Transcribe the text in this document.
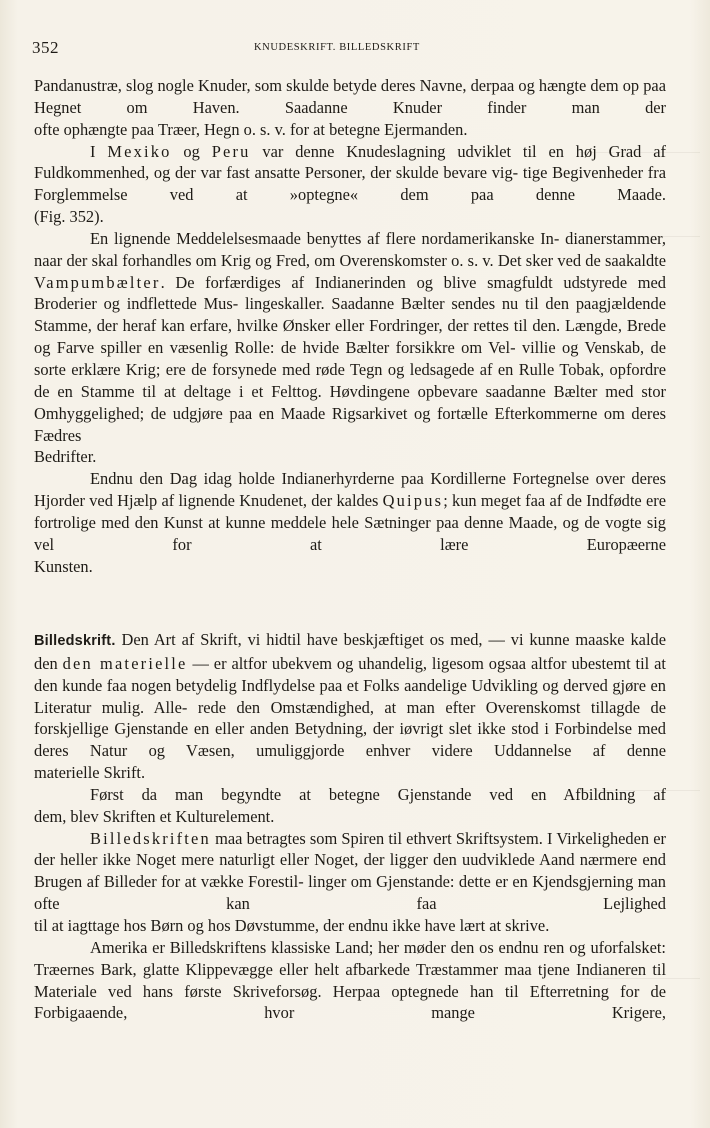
352	KNUDESKRIFT. BILLEDSKRIFT

Pandanustræ, slog nogle Knuder, som skulde betyde deres Navne, derpaa og hængte dem op paa Hegnet om Haven. Saadanne Knuder finder man der

ofte ophængte paa Træer, Hegn o. s. v. for at betegne Ejermanden.

I Mexiko og Peru var denne Knudeslagning udviklet til en høj Grad af Fuldkommenhed, og der var fast ansatte Personer, der skulde bevare vig- tige Begivenheder fra Forglemmelse ved at »optegne« dem paa denne Maade.

(Fig. 352).

En lignende Meddelelsesmaade benyttes af flere nordamerikanske In- dianerstammer, naar der skal forhandles om Krig og Fred, om Overenskomster o. s. v. Det sker ved de saakaldte Vampumbælter. De forfærdiges af Indianerinden og blive smagfuldt udstyrede med Broderier og indflettede Mus- lingeskaller. Saadanne Bælter sendes nu til den paagjældende Stamme, der heraf kan erfare, hvilke Ønsker eller Fordringer, der rettes til den. Længde, Brede og Farve spiller en væsenlig Rolle: de hvide Bælter forsikkre om Vel- villie og Venskab, de sorte erklære Krig; ere de forsynede med røde Tegn og ledsagede af en Rulle Tobak, opfordre de en Stamme til at deltage i et Felttog. Høvdingene opbevare saadanne Bælter med stor Omhyggelighed; de udgjøre paa en Maade Rigsarkivet og fortælle Efterkommerne om deres Fædres

Bedrifter.

Endnu den Dag idag holde Indianerhyrderne paa Kordillerne Fortegnelse over deres Hjorder ved Hjælp af lignende Knudenet, der kaldes Quipus; kun meget faa af de Indfødte ere fortrolige med den Kunst at kunne meddele hele Sætninger paa denne Maade, og de vogte sig vel for at lære Europæerne

Kunsten.

Billedskrift. Den Art af Skrift, vi hidtil have beskjæftiget os med, — vi kunne maaske kalde den den materielle — er altfor ubekvem og uhandelig, ligesom ogsaa altfor ubestemt til at den kunde faa nogen betydelig Indflydelse paa et Folks aandelige Udvikling og derved gjøre en Literatur mulig. Alle- rede den Omstændighed, at man efter Overenskomst tillagde de forskjellige Gjenstande en eller anden Betydning, der iøvrigt slet ikke stod i Forbindelse med deres Natur og Væsen, umuliggjorde enhver videre Uddannelse af denne

materielle Skrift.

Først da man begyndte at betegne Gjenstande ved en Afbildning af

dem, blev Skriften et Kulturelement.

Billedskriften maa betragtes som Spiren til ethvert Skriftsystem. I Virkeligheden er der heller ikke Noget mere naturligt eller Noget, der ligger den uudviklede Aand nærmere end Brugen af Billeder for at vække Forestil- linger om Gjenstande: dette er en Kjendsgjerning man ofte kan faa Lejlighed

til at iagttage hos Børn og hos Døvstumme, der endnu ikke have lært at skrive.

Amerika er Billedskriftens klassiske Land; her møder den os endnu ren og uforfalsket: Træernes Bark, glatte Klippevægge eller helt afbarkede Træstammer maa tjene Indianeren til Materiale ved hans første Skriveforsøg. Herpaa optegnede han til Efterretning for de Forbigaaende, hvor mange Krigere,
